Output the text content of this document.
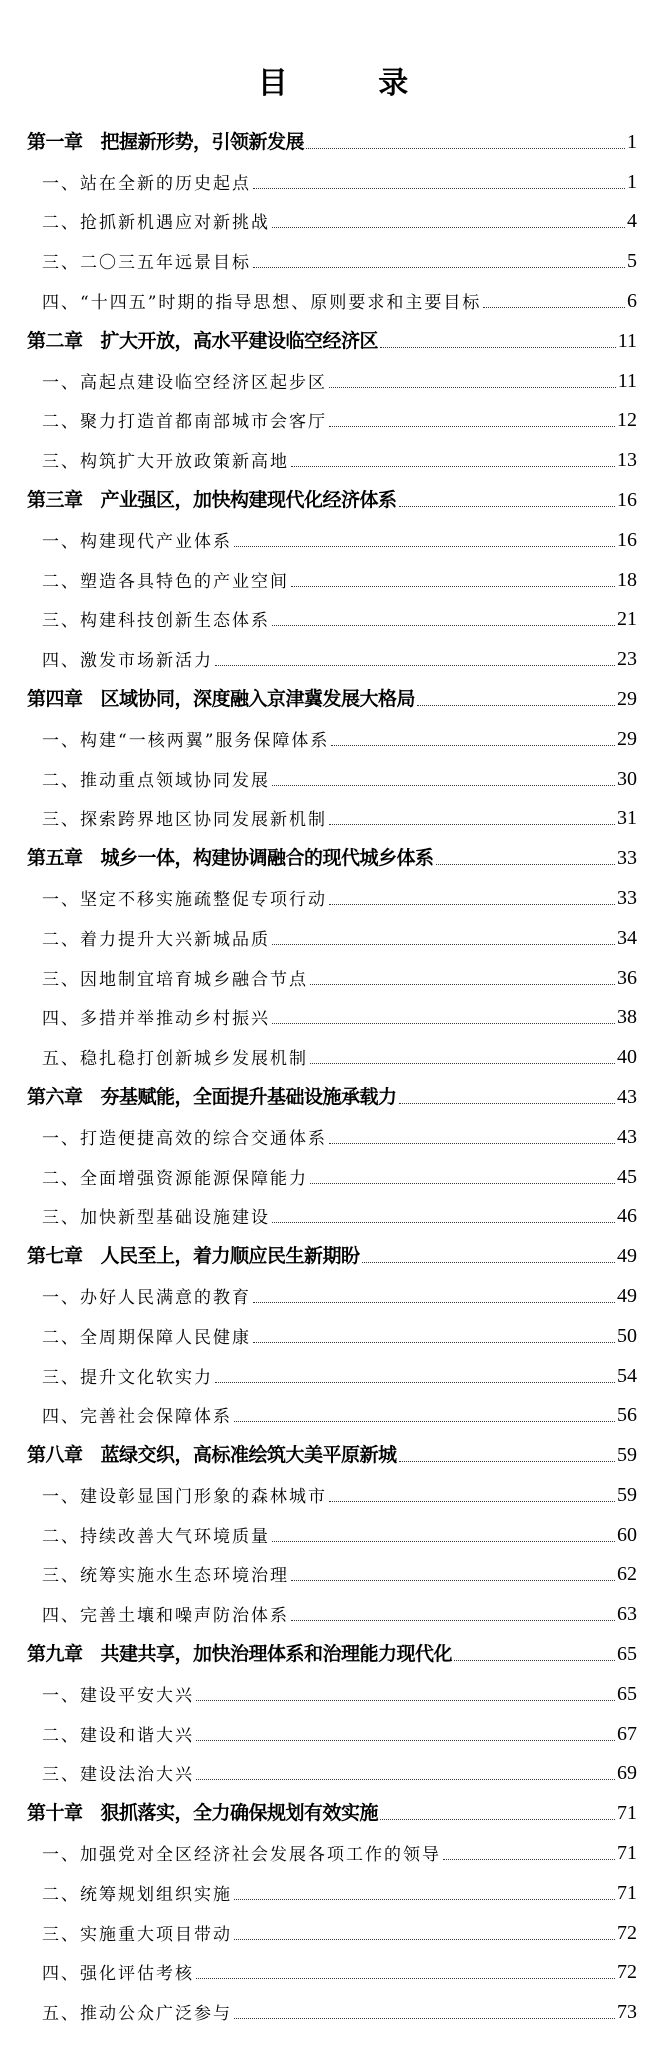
目 录
第一章 把握新形势，引领新发展	1
一、站在全新的历史起点	1
二、抢抓新机遇应对新挑战	4
三、二〇三五年远景目标	5
四、“十四五”时期的指导思想、原则要求和主要目标	6
第二章 扩大开放，高水平建设临空经济区	11
一、高起点建设临空经济区起步区	11
二、聚力打造首都南部城市会客厅	12
三、构筑扩大开放政策新高地	13
第三章 产业强区，加快构建现代化经济体系	16
一、构建现代产业体系	16
二、塑造各具特色的产业空间	18
三、构建科技创新生态体系	21
四、激发市场新活力	23
第四章 区域协同，深度融入京津冀发展大格局	29
一、构建“一核两翼”服务保障体系	29
二、推动重点领域协同发展	30
三、探索跨界地区协同发展新机制	31
第五章 城乡一体，构建协调融合的现代城乡体系	33
一、坚定不移实施疏整促专项行动	33
二、着力提升大兴新城品质	34
三、因地制宜培育城乡融合节点	36
四、多措并举推动乡村振兴	38
五、稳扎稳打创新城乡发展机制	40
第六章 夯基赋能，全面提升基础设施承载力	43
一、打造便捷高效的综合交通体系	43
二、全面增强资源能源保障能力	45
三、加快新型基础设施建设	46
第七章 人民至上，着力顺应民生新期盼	49
一、办好人民满意的教育	49
二、全周期保障人民健康	50
三、提升文化软实力	54
四、完善社会保障体系	56
第八章 蓝绿交织，高标准绘筑大美平原新城	59
一、建设彰显国门形象的森林城市	59
二、持续改善大气环境质量	60
三、统筹实施水生态环境治理	62
四、完善土壤和噪声防治体系	63
第九章 共建共享，加快治理体系和治理能力现代化	65
一、建设平安大兴	65
二、建设和谐大兴	67
三、建设法治大兴	69
第十章 狠抓落实，全力确保规划有效实施	71
一、加强党对全区经济社会发展各项工作的领导	71
二、统筹规划组织实施	71
三、实施重大项目带动	72
四、强化评估考核	72
五、推动公众广泛参与	73
